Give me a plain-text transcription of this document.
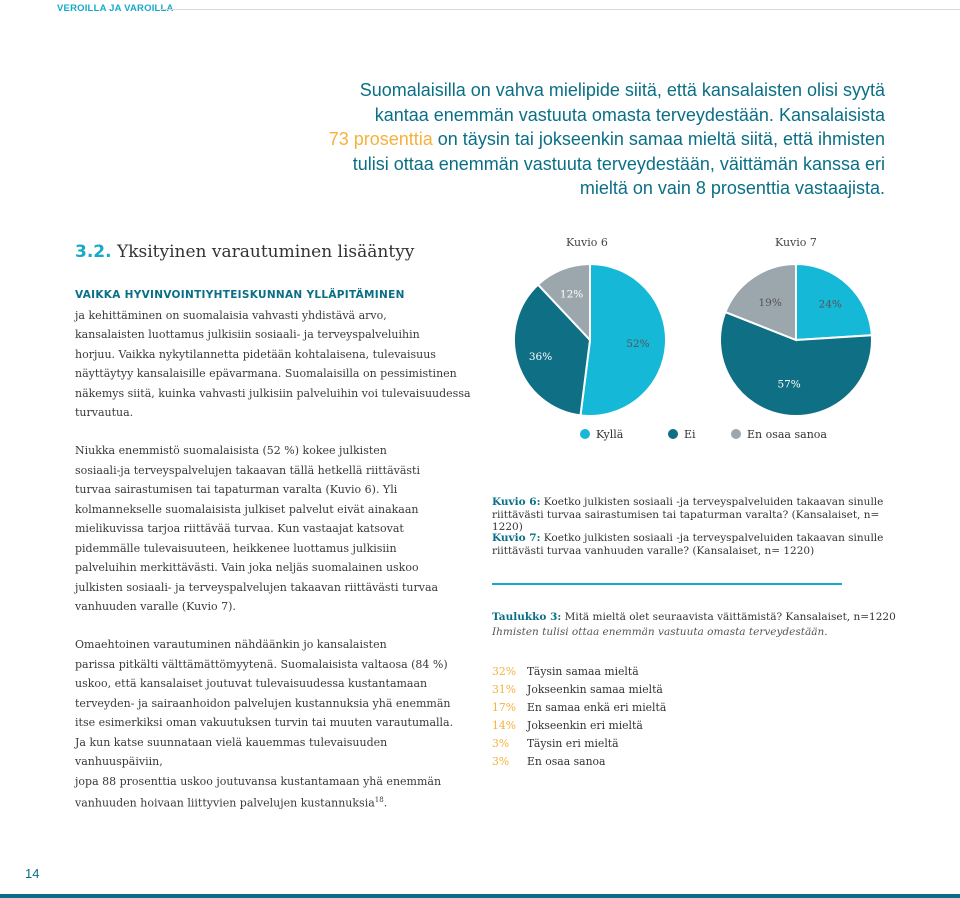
VEROILLA JA VAROILLA
Suomalaisilla on vahva mielipide siitä, että kansalaisten olisi syytä
kantaa enemmän vastuuta omasta terveydestään. Kansalaisista
73 prosenttia on täysin tai jokseenkin samaa mieltä siitä, että ihmisten
tulisi ottaa enemmän vastuuta terveydestään, väittämän kanssa eri
mieltä on vain 8 prosenttia vastaajista.
3.2. Yksityinen varautuminen lisääntyy
VAIKKA HYVINVOINTIYHTEISKUNNAN YLLÄPITÄMINEN
ja kehittäminen on suomalaisia vahvasti yhdistävä arvo,
kansalaisten luottamus julkisiin sosiaali- ja terveyspalveluihin
horjuu. Vaikka nykytilannetta pidetään kohtalaisena, tulevaisuus
näyttäytyy kansalaisille epävarmana. Suomalaisilla on pessimistinen
näkemys siitä, kuinka vahvasti julkisiin palveluihin voi tulevaisuudessa
turvautua.
Niukka enemmistö suomalaisista (52 %) kokee julkisten
sosiaali-ja terveyspalvelujen takaavan tällä hetkellä riittävästi
turvaa sairastumisen tai tapaturman varalta (Kuvio 6). Yli
kolmannekselle suomalaisista julkiset palvelut eivät ainakaan
mielikuvissa tarjoa riittävää turvaa. Kun vastaajat katsovat
pidemmälle tulevaisuuteen, heikkenee luottamus julkisiin
palveluihin merkittävästi. Vain joka neljäs suomalainen uskoo
julkisten sosiaali- ja terveyspalvelujen takaavan riittävästi turvaa
vanhuuden varalle (Kuvio 7).
Omaehtoinen varautuminen nähdäänkin jo kansalaisten
parissa pitkälti välttämättömyytenä. Suomalaisista valtaosa (84 %)
uskoo, että kansalaiset joutuvat tulevaisuudessa kustantamaan
terveyden- ja sairaanhoidon palvelujen kustannuksia yhä enemmän
itse esimerkiksi oman vakuutuksen turvin tai muuten varautumalla.
Ja kun katse suunnataan vielä kauemmas tulevaisuuden vanhuuspäiviin,
jopa 88 prosenttia uskoo joutuvansa kustantamaan yhä enemmän
vanhuuden hoivaan liittyvien palvelujen kustannuksia$^{18}$.
Kuvio 6	Kuvio 7
52%
36%
12%
24%
57%
19%
Kyllä	Ei	En osaa sanoa
Kuvio 6: Koetko julkisten sosiaali -ja terveyspalveluiden takaavan sinulle
riittävästi turvaa sairastumisen tai tapaturman varalta? (Kansalaiset, n= 1220)
Kuvio 7: Koetko julkisten sosiaali -ja terveyspalveluiden takaavan sinulle
riittävästi turvaa vanhuuden varalle? (Kansalaiset, n= 1220)
Taulukko 3: Mitä mieltä olet seuraavista väittämistä? Kansalaiset, n=1220
Ihmisten tulisi ottaa enemmän vastuuta omasta terveydestään.
32% Täysin samaa mieltä
31% Jokseenkin samaa mieltä
17% En samaa enkä eri mieltä
14% Jokseenkin eri mieltä
3% Täysin eri mieltä
3% En osaa sanoa
14
